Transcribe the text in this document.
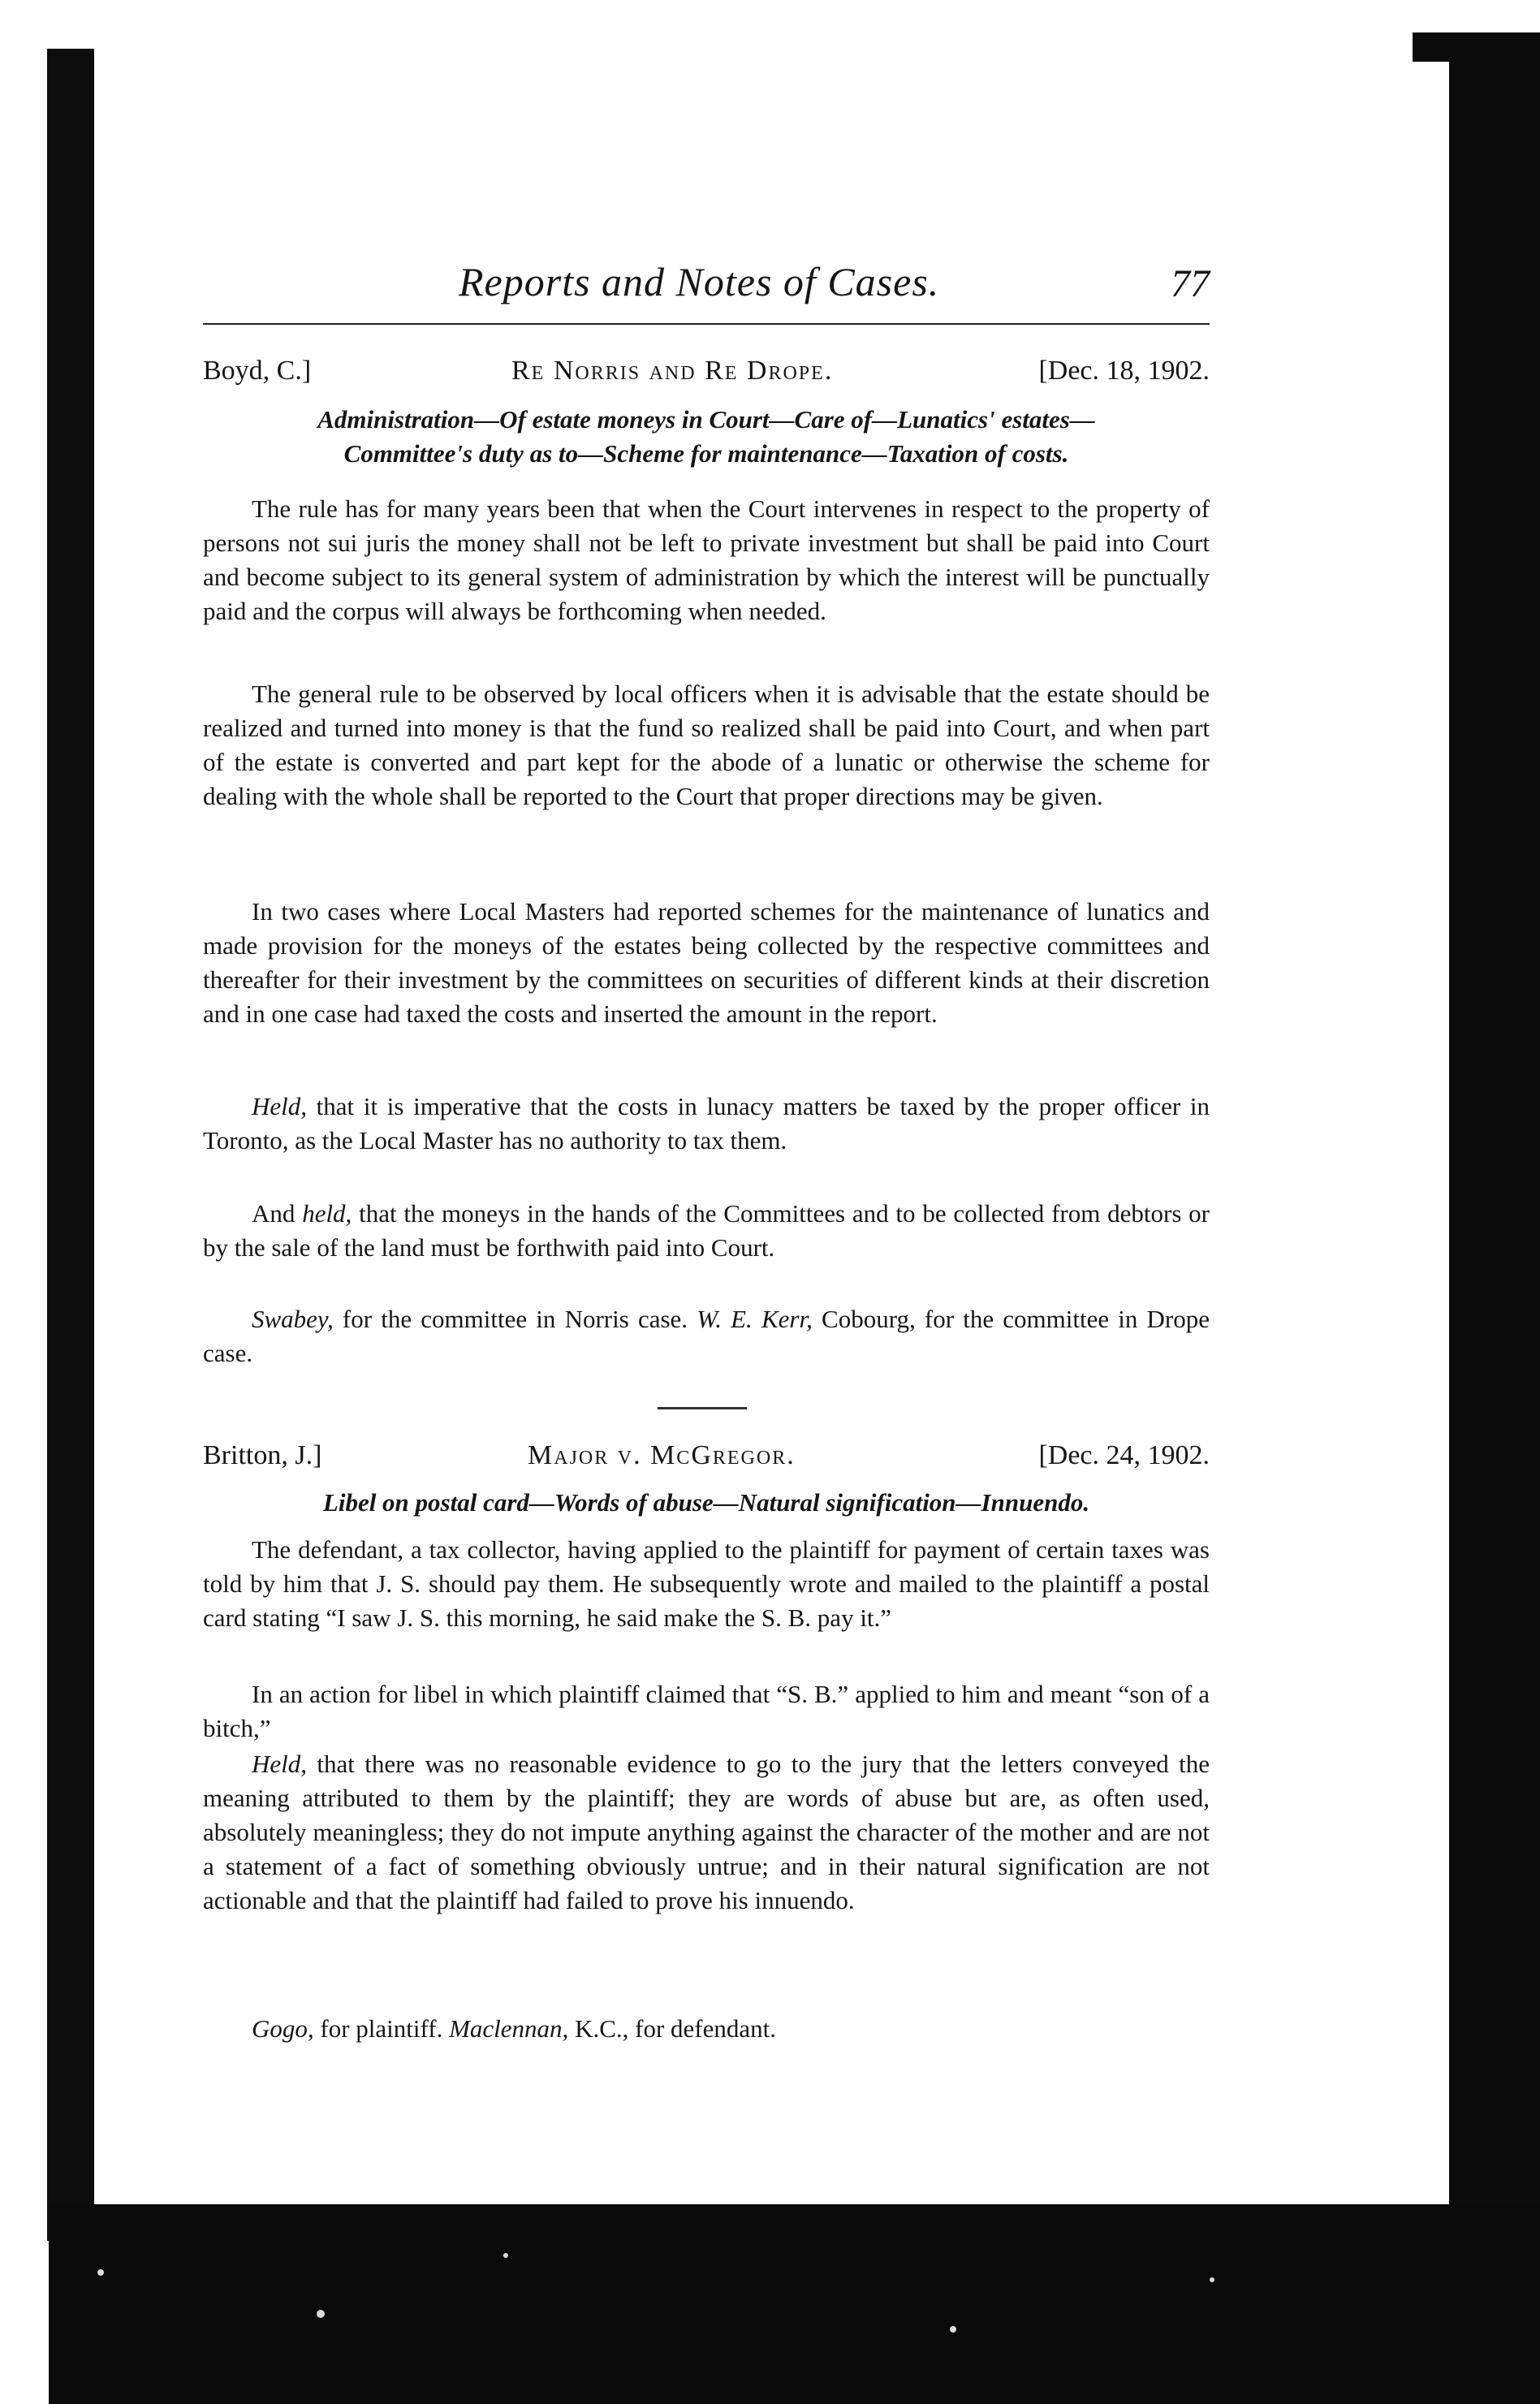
Reports and Notes of Cases.	77
Boyd, C.]	Re Norris and Re Drope.	[Dec. 18, 1902.
Administration—Of estate moneys in Court—Care of—Lunatics' estates—
Committee's duty as to—Scheme for maintenance—Taxation of costs.

The rule has for many years been that when the Court intervenes in respect to the property of persons not sui juris the money shall not be left to private investment but shall be paid into Court and become subject to its general system of administration by which the interest will be punctually paid and the corpus will always be forthcoming when needed.

The general rule to be observed by local officers when it is advisable that the estate should be realized and turned into money is that the fund so realized shall be paid into Court, and when part of the estate is converted and part kept for the abode of a lunatic or otherwise the scheme for dealing with the whole shall be reported to the Court that proper directions may be given.

In two cases where Local Masters had reported schemes for the maintenance of lunatics and made provision for the moneys of the estates being collected by the respective committees and thereafter for their investment by the committees on securities of different kinds at their discretion and in one case had taxed the costs and inserted the amount in the report.

Held, that it is imperative that the costs in lunacy matters be taxed by the proper officer in Toronto, as the Local Master has no authority to tax them.

And held, that the moneys in the hands of the Committees and to be collected from debtors or by the sale of the land must be forthwith paid into Court.

Swabey, for the committee in Norris case. W. E. Kerr, Cobourg, for the committee in Drope case.

Britton, J.]	Major v. McGregor.	[Dec. 24, 1902.
Libel on postal card—Words of abuse—Natural signification—Innuendo.

The defendant, a tax collector, having applied to the plaintiff for payment of certain taxes was told by him that J. S. should pay them. He subsequently wrote and mailed to the plaintiff a postal card stating “I saw J. S. this morning, he said make the S. B. pay it.”

In an action for libel in which plaintiff claimed that “S. B.” applied to him and meant “son of a bitch,”

Held, that there was no reasonable evidence to go to the jury that the letters conveyed the meaning attributed to them by the plaintiff; they are words of abuse but are, as often used, absolutely meaningless; they do not impute anything against the character of the mother and are not a statement of a fact of something obviously untrue; and in their natural signification are not actionable and that the plaintiff had failed to prove his innuendo.

Gogo, for plaintiff. Maclennan, K.C., for defendant.
